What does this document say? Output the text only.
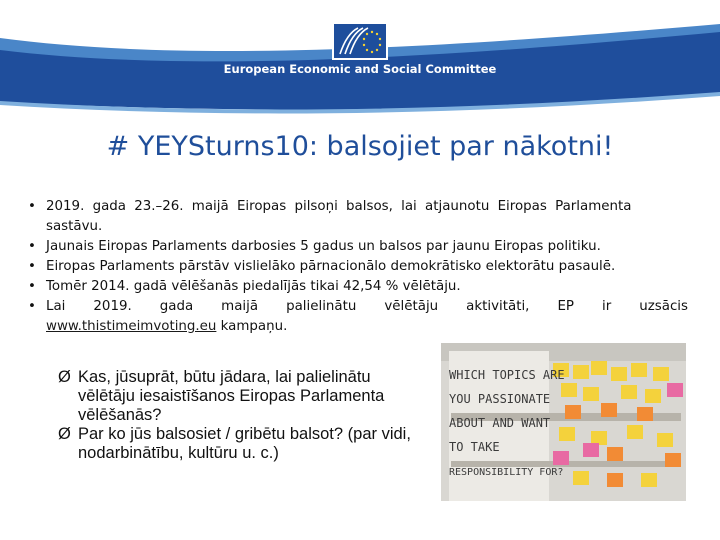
European Economic and Social Committee
# YEYSturns10: balsojiet par nākotni!
• 2019. gada 23.–26. maijā Eiropas pilsoņi balsos, lai atjaunotu Eiropas Parlamenta sastāvu.
• Jaunais Eiropas Parlaments darbosies 5 gadus un balsos par jaunu Eiropas politiku.
• Eiropas Parlaments pārstāv vislielāko pārnacionālo demokrātisko elektorātu pasaulē.
• Tomēr 2014. gadā vēlēšanās piedalījās tikai 42,54 % vēlētāju.
• Lai 2019. gada maijā palielinātu vēlētāju aktivitāti, EP ir uzsācis
www.thistimeimvoting.eu kampaņu.
Ø Kas, jūsuprāt, būtu jādara, lai palielinātu vēlētāju iesaistīšanos Eiropas Parlamenta vēlēšanās?
Ø Par ko jūs balsosiet / gribētu balsot? (par vidi, nodarbinātību, kultūru u. c.)
WHICH TOPICS ARE
YOU PASSIONATE
ABOUT AND WANT
TO TAKE
RESPONSIBILITY FOR?
